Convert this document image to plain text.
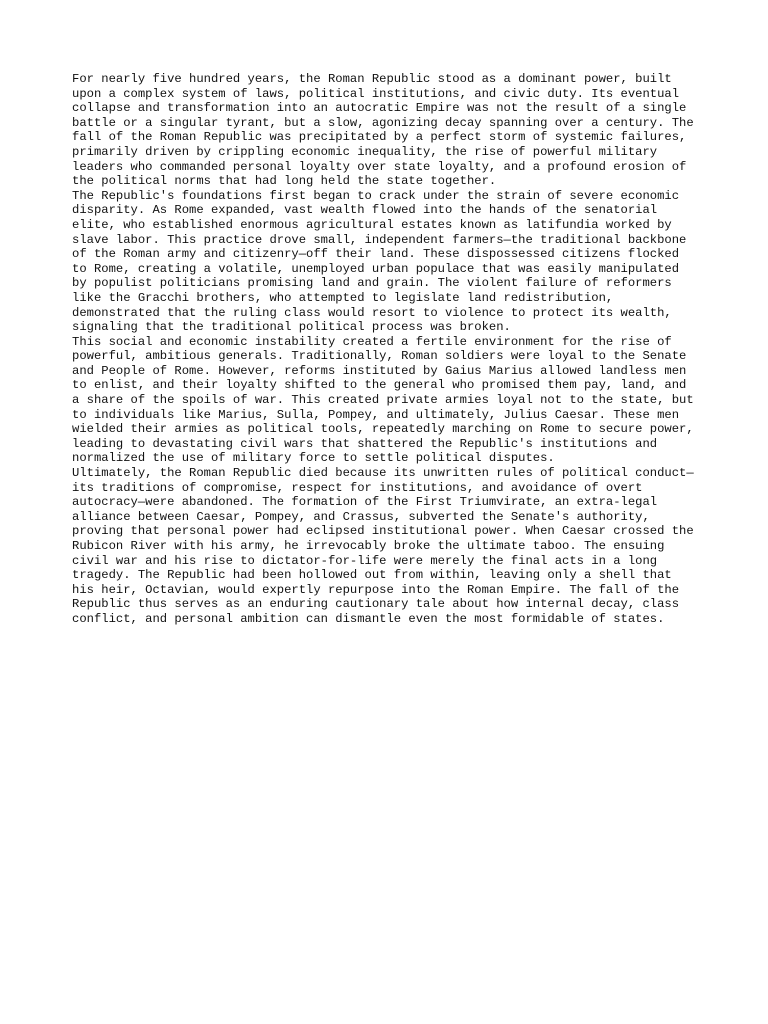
For nearly five hundred years, the Roman Republic stood as a dominant power, built upon a complex system of laws, political institutions, and civic duty. Its eventual collapse and transformation into an autocratic Empire was not the result of a single battle or a singular tyrant, but a slow, agonizing decay spanning over a century. The fall of the Roman Republic was precipitated by a perfect storm of systemic failures, primarily driven by crippling economic inequality, the rise of powerful military leaders who commanded personal loyalty over state loyalty, and a profound erosion of the political norms that had long held the state together.

The Republic's foundations first began to crack under the strain of severe economic disparity. As Rome expanded, vast wealth flowed into the hands of the senatorial elite, who established enormous agricultural estates known as latifundia worked by slave labor. This practice drove small, independent farmers—the traditional backbone of the Roman army and citizenry—off their land. These dispossessed citizens flocked to Rome, creating a volatile, unemployed urban populace that was easily manipulated by populist politicians promising land and grain. The violent failure of reformers like the Gracchi brothers, who attempted to legislate land redistribution, demonstrated that the ruling class would resort to violence to protect its wealth, signaling that the traditional political process was broken.

This social and economic instability created a fertile environment for the rise of powerful, ambitious generals. Traditionally, Roman soldiers were loyal to the Senate and People of Rome. However, reforms instituted by Gaius Marius allowed landless men to enlist, and their loyalty shifted to the general who promised them pay, land, and a share of the spoils of war. This created private armies loyal not to the state, but to individuals like Marius, Sulla, Pompey, and ultimately, Julius Caesar. These men wielded their armies as political tools, repeatedly marching on Rome to secure power, leading to devastating civil wars that shattered the Republic's institutions and normalized the use of military force to settle political disputes.

Ultimately, the Roman Republic died because its unwritten rules of political conduct—its traditions of compromise, respect for institutions, and avoidance of overt autocracy—were abandoned. The formation of the First Triumvirate, an extra-legal alliance between Caesar, Pompey, and Crassus, subverted the Senate's authority, proving that personal power had eclipsed institutional power. When Caesar crossed the Rubicon River with his army, he irrevocably broke the ultimate taboo. The ensuing civil war and his rise to dictator-for-life were merely the final acts in a long tragedy. The Republic had been hollowed out from within, leaving only a shell that his heir, Octavian, would expertly repurpose into the Roman Empire. The fall of the Republic thus serves as an enduring cautionary tale about how internal decay, class conflict, and personal ambition can dismantle even the most formidable of states.
